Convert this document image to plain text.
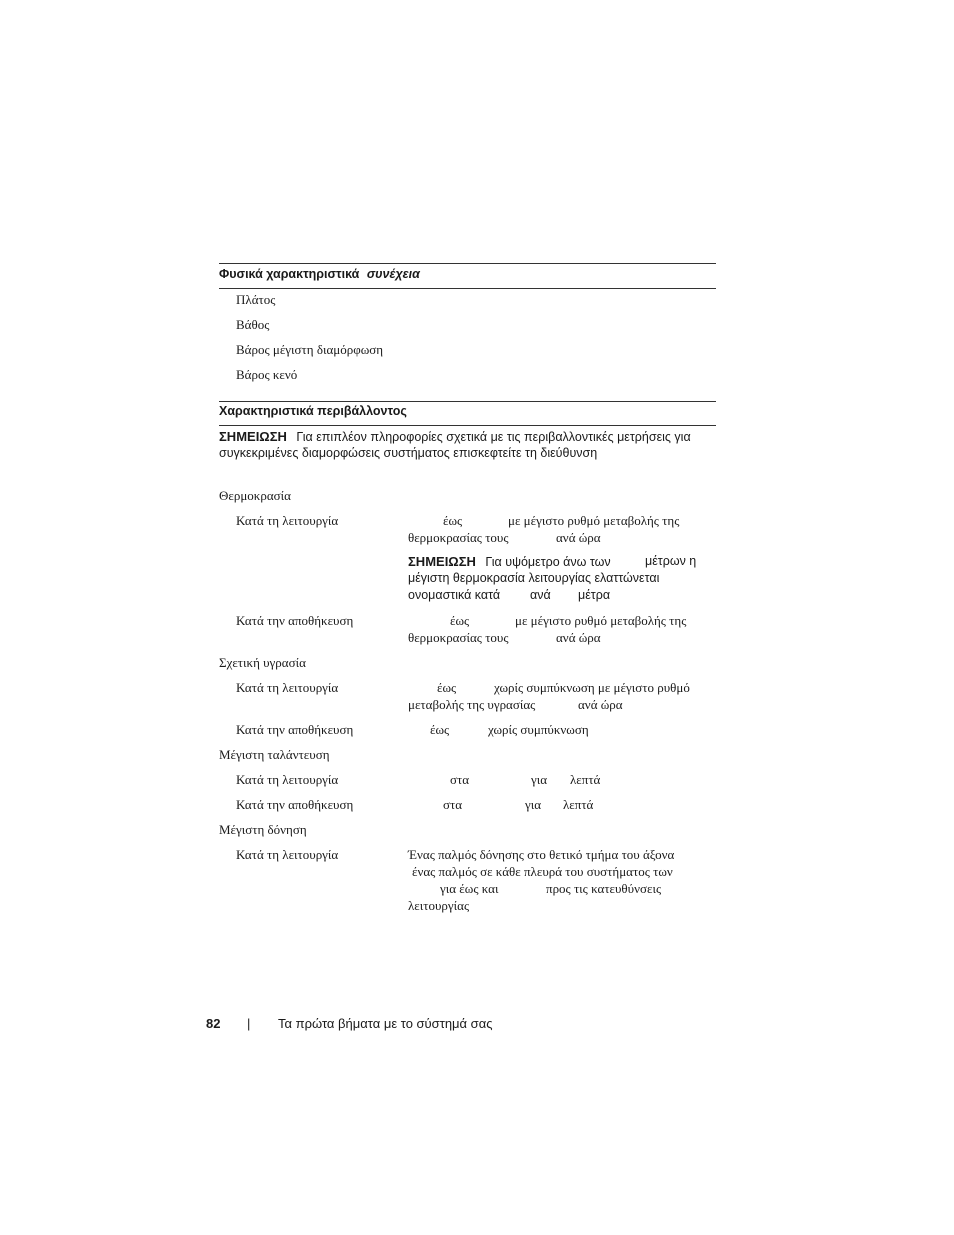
Φυσικά χαρακτηριστικά συνέχεια
Πλάτος
Βάθος
Βάρος μέγιστη διαμόρφωση
Βάρος κενό
Χαρακτηριστικά περιβάλλοντος
ΣΗΜΕΙΩΣΗ Για επιπλέον πληροφορίες σχετικά με τις περιβαλλοντικές μετρήσεις για
συγκεκριμένες διαμορφώσεις συστήματος επισκεφτείτε τη διεύθυνση
Θερμοκρασία
Κατά τη λειτουργία	έως	με μέγιστο ρυθμό μεταβολής της
θερμοκρασίας τους	ανά ώρα
ΣΗΜΕΙΩΣΗ Για υψόμετρο άνω των	μέτρων η
μέγιστη θερμοκρασία λειτουργίας ελαττώνεται
ονομαστικά κατά ανά μέτρα
Κατά την αποθήκευση	έως	με μέγιστο ρυθμό μεταβολής της
θερμοκρασίας τους	ανά ώρα
Σχετική υγρασία
Κατά τη λειτουργία	έως	χωρίς συμπύκνωση με μέγιστο ρυθμό
μεταβολής της υγρασίας	ανά ώρα
Κατά την αποθήκευση	έως	χωρίς συμπύκνωση
Μέγιστη ταλάντευση
Κατά τη λειτουργία	στα	για λεπτά
Κατά την αποθήκευση	στα	για λεπτά
Μέγιστη δόνηση
Κατά τη λειτουργία	Ένας παλμός δόνησης στο θετικό τμήμα του άξονα
ένας παλμός σε κάθε πλευρά του συστήματος των
για έως και	προς τις κατευθύνσεις
λειτουργίας
82 | Τα πρώτα βήματα με το σύστημά σας
